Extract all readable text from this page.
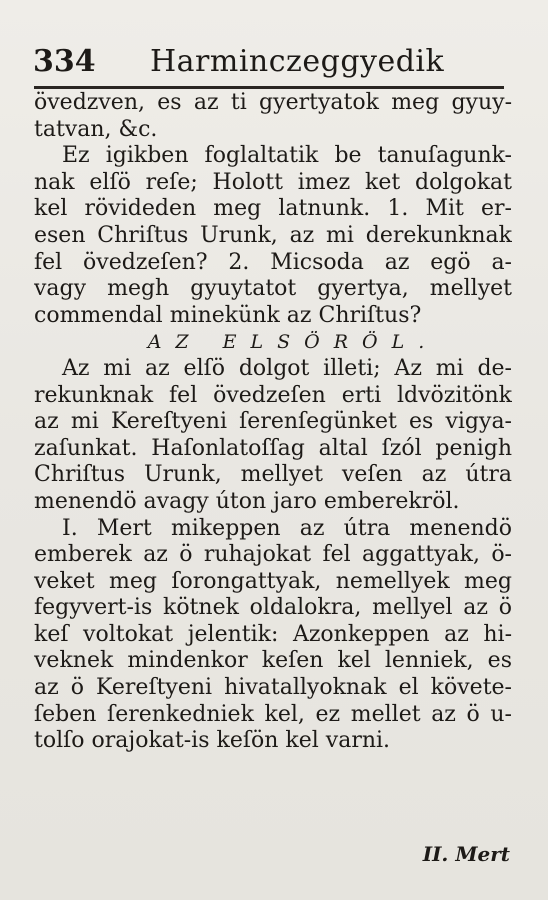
334 Harminczeggyedik
övedzven, es az ti gyertyatok meg gyuy-
tatvan, &c.
Ez igikben foglaltatik be tanuſagunk-
nak elſö reſe; Holott imez ket dolgokat
kel rövideden meg latnunk. 1. Mit er-
esen Chriſtus Urunk, az mi derekunknak
fel övedzeſen? 2. Micsoda az egö a-
vagy megh gyuytatot gyertya, mellyet
commendal minekünk az Chriſtus?
AZ ELSÖRÖL.
Az mi az elſö dolgot illeti; Az mi de-
rekunknak fel övedzeſen erti ldvözitönk
az mi Kereſtyeni ſerenſegünket es vigya-
zaſunkat. Haſonlatoſſag altal ſzól penigh
Chriſtus Urunk, mellyet veſen az útra
menendö avagy úton jaro emberekröl.
I. Mert mikeppen az útra menendö
emberek az ö ruhajokat fel aggattyak, ö-
veket meg ſorongattyak, nemellyek meg
fegyvert-is kötnek oldalokra, mellyel az ö
keſ voltokat jelentik: Azonkeppen az hi-
veknek mindenkor keſen kel lenniek, es
az ö Kereſtyeni hivatallyoknak el követe-
ſeben ſerenkedniek kel, ez mellet az ö u-
tolſo orajokat-is keſön kel varni.
II. Mert
